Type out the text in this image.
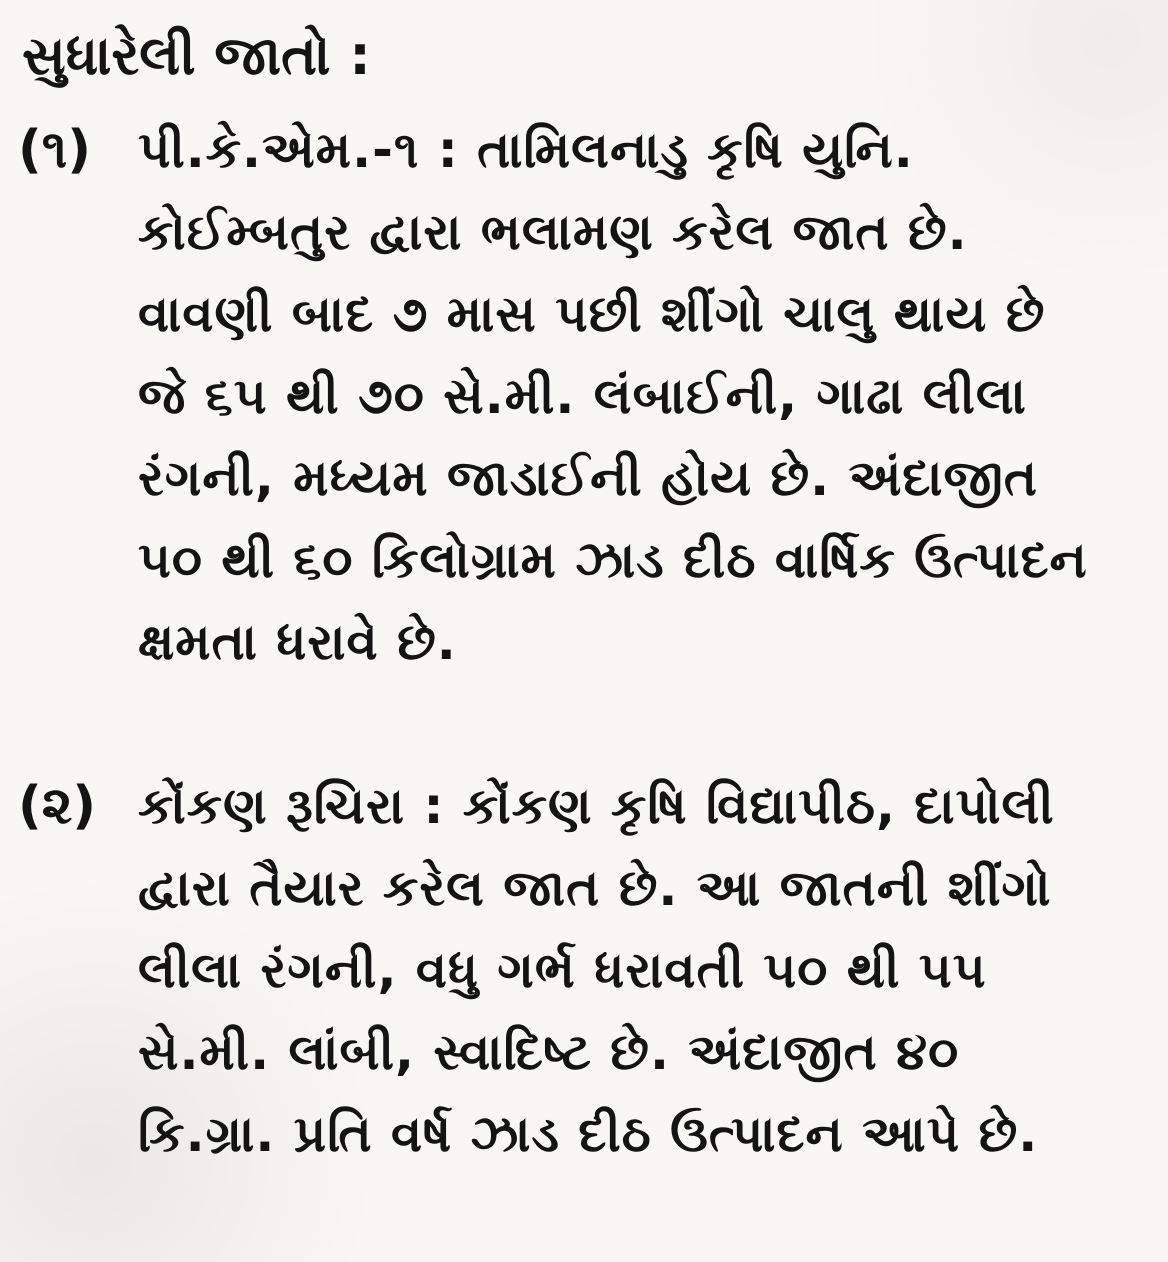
સુધારેલી જાતો :
(૧) પી.કે.એમ.-૧ : તામિલનાડુ કૃષિ યુનિ.
કોઈમ્બતુર દ્વારા ભલામણ કરેલ જાત છે.
વાવણી બાદ ૭ માસ પછી શીંગો ચાલુ થાય છે
જે ૬૫ થી ૭૦ સે.મી. લંબાઈની, ગાઢા લીલા
રંગની, મધ્યમ જાડાઈની હોય છે. અંદાજીત
૫૦ થી ૬૦ કિલોગ્રામ ઝાડ દીઠ વાર્ષિક ઉત્પાદન
ક્ષમતા ધરાવે છે.
(૨) કોંકણ રૂચિરા : કોંકણ કૃષિ વિદ્યાપીઠ, દાપોલી
દ્વારા તૈયાર કરેલ જાત છે. આ જાતની શીંગો
લીલા રંગની, વધુ ગર્ભ ધરાવતી ૫૦ થી ૫૫
સે.મી. લાંબી, સ્વાદિષ્ટ છે. અંદાજીત ૪૦
કિ.ગ્રા. પ્રતિ વર્ષ ઝાડ દીઠ ઉત્પાદન આપે છે.
